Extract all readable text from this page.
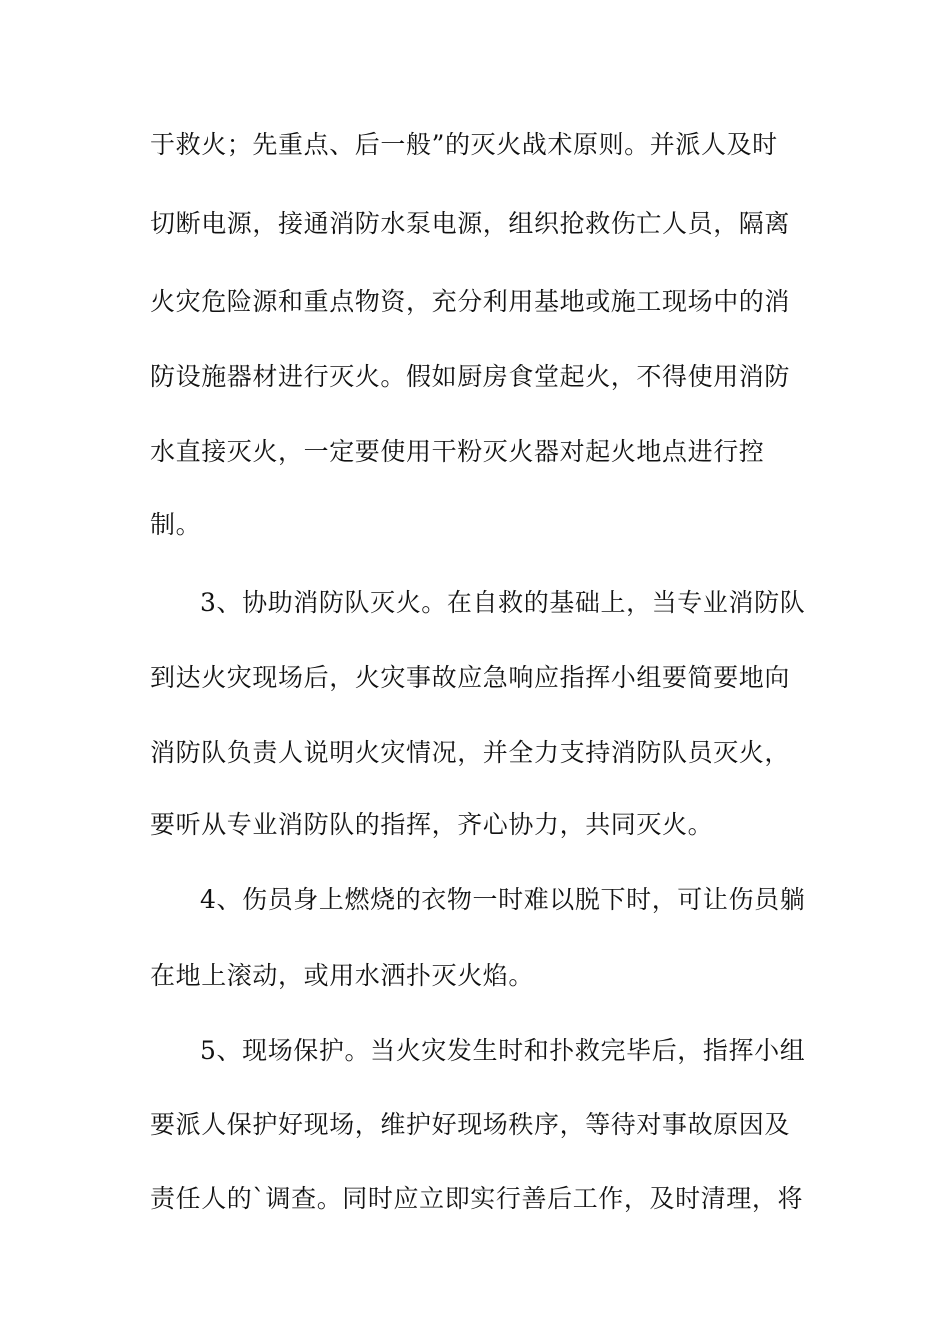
于救火；先重点、后一般”的灭火战术原则。并派人及时
切断电源，接通消防水泵电源，组织抢救伤亡人员，隔离
火灾危险源和重点物资，充分利用基地或施工现场中的消
防设施器材进行灭火。假如厨房食堂起火，不得使用消防
水直接灭火，一定要使用干粉灭火器对起火地点进行控
制。
3、协助消防队灭火。在自救的基础上，当专业消防队
到达火灾现场后，火灾事故应急响应指挥小组要简要地向
消防队负责人说明火灾情况，并全力支持消防队员灭火，
要听从专业消防队的指挥，齐心协力，共同灭火。
4、伤员身上燃烧的衣物一时难以脱下时，可让伤员躺
在地上滚动，或用水洒扑灭火焰。
5、现场保护。当火灾发生时和扑救完毕后，指挥小组
要派人保护好现场，维护好现场秩序，等待对事故原因及
责任人的`调查。同时应立即实行善后工作，及时清理，将
